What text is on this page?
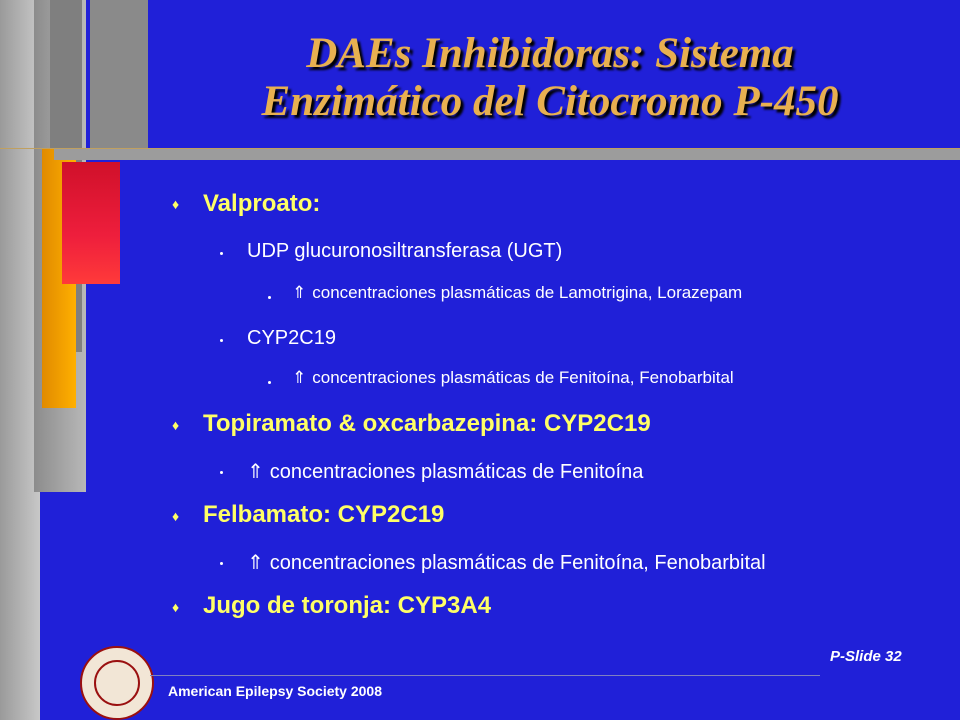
DAEs Inhibidoras: Sistema
Enzimático del Citocromo P-450
♦ Valproato:
UDP glucuronosiltransferasa (UGT)
⇑ concentraciones plasmáticas de Lamotrigina, Lorazepam
CYP2C19
⇑ concentraciones plasmáticas de Fenitoína, Fenobarbital
♦ Topiramato & oxcarbazepina: CYP2C19
⇑ concentraciones plasmáticas de Fenitoína
♦ Felbamato: CYP2C19
⇑ concentraciones plasmáticas de Fenitoína, Fenobarbital
♦ Jugo de toronja: CYP3A4
American Epilepsy Society 2008
P-Slide 32
